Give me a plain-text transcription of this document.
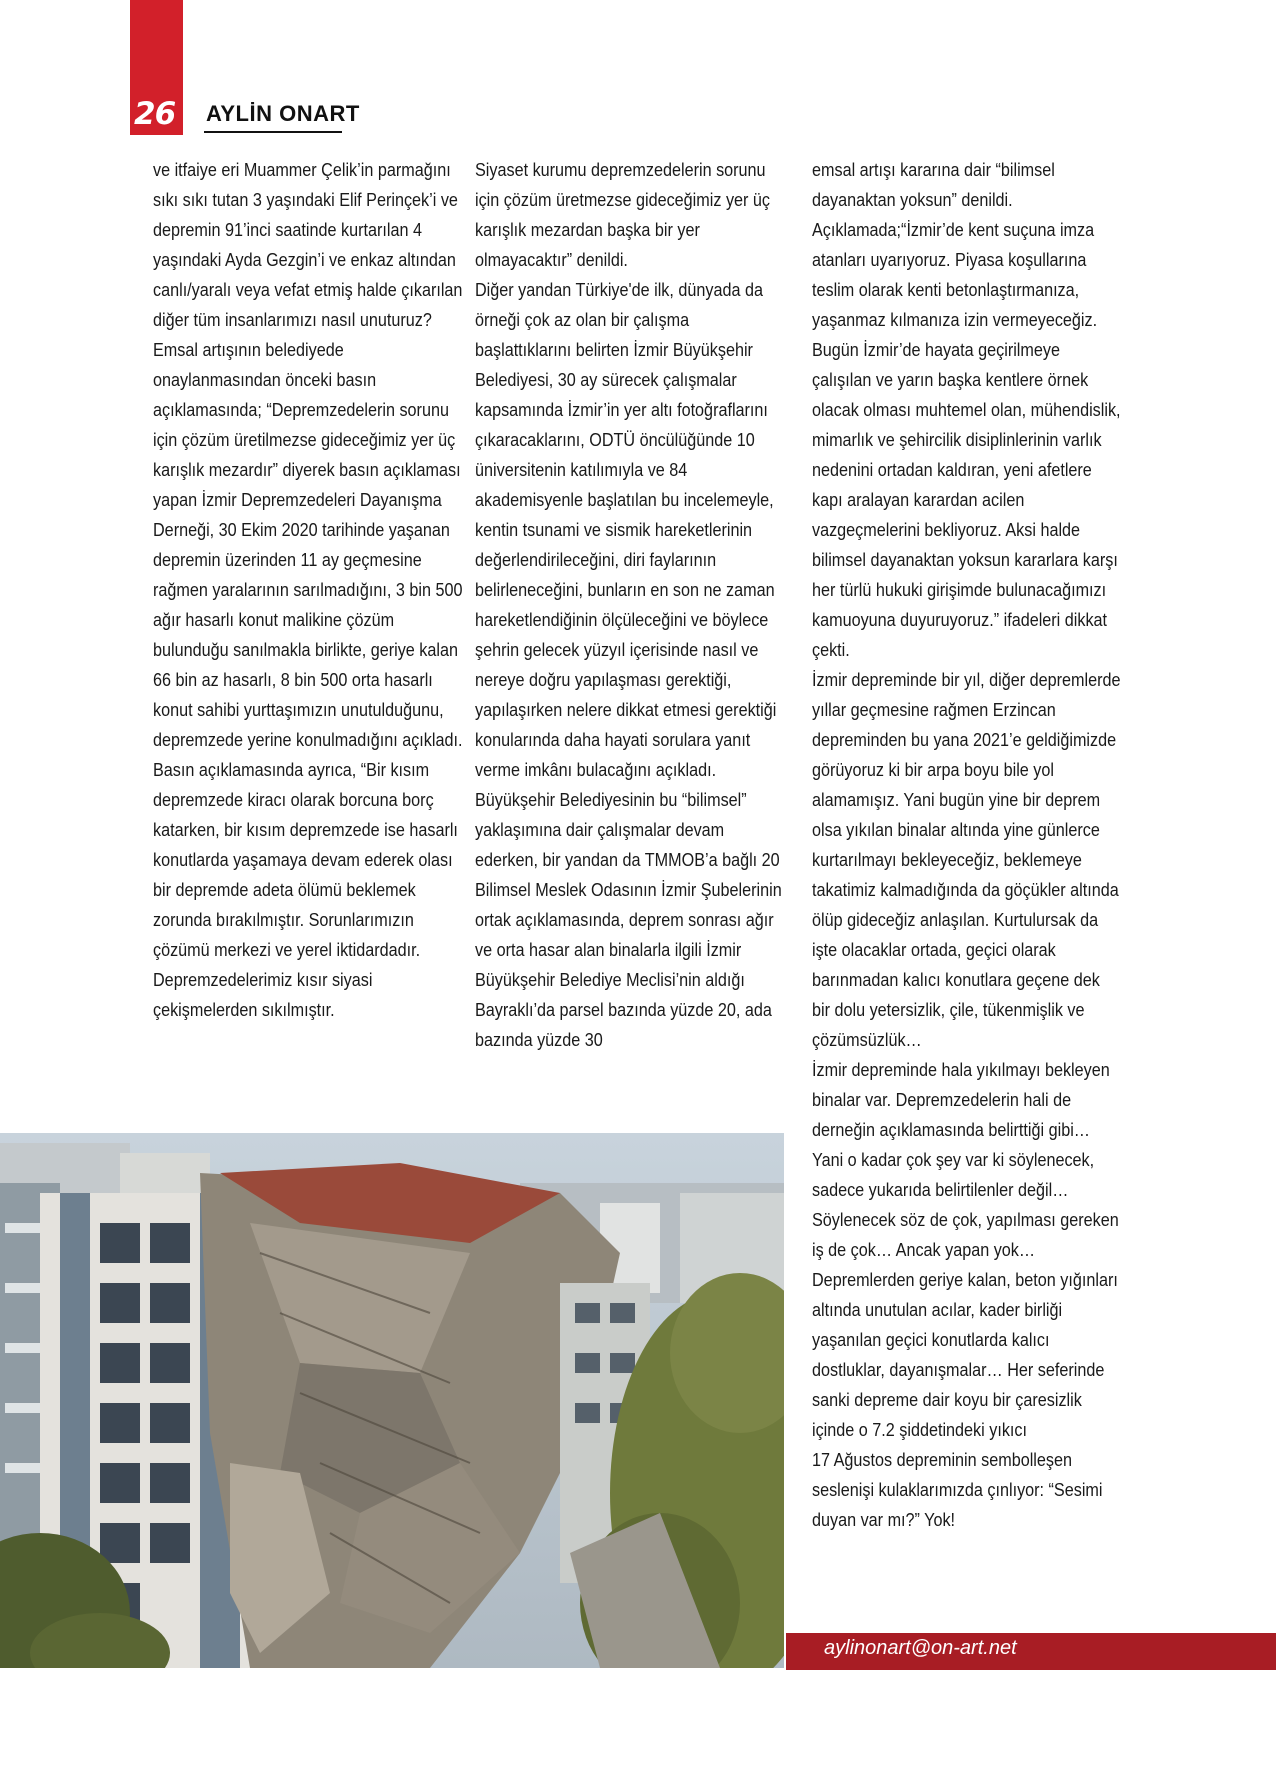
26 AYLİN ONART

ve itfaiye eri Muammer Çelik’in parmağını sıkı sıkı tutan 3 yaşındaki Elif Perinçek’i ve depremin 91’inci saatinde kurtarılan 4 yaşındaki Ayda Gezgin’i ve enkaz altından canlı/yaralı veya vefat etmiş halde çıkarılan diğer tüm insanlarımızı nasıl unuturuz?

Emsal artışının belediyede onaylanmasından önceki basın açıklamasında; “Depremzedelerin sorunu için çözüm üretilmezse gideceğimiz yer üç karışlık mezardır” diyerek basın açıklaması yapan İzmir Depremzedeleri Dayanışma Derneği, 30 Ekim 2020 tarihinde yaşanan depremin üzerinden 11 ay geçmesine rağmen yaralarının sarılmadığını, 3 bin 500 ağır hasarlı konut malikine çözüm bulunduğu sanılmakla birlikte, geriye kalan 66 bin az hasarlı, 8 bin 500 orta hasarlı konut sahibi yurttaşımızın unutulduğunu, depremzede yerine konulmadığını açıkladı. Basın açıklamasında ayrıca, “Bir kısım depremzede kiracı olarak borcuna borç katarken, bir kısım depremzede ise hasarlı konutlarda yaşamaya devam ederek olası bir depremde adeta ölümü beklemek zorunda bırakılmıştır. Sorunlarımızın çözümü merkezi ve yerel iktidardadır. Depremzedelerimiz kısır siyasi çekişmelerden sıkılmıştır.

Siyaset kurumu depremzedelerin sorunu için çözüm üretmezse gideceğimiz yer üç karışlık mezardan başka bir yer olmayacaktır” denildi.

Diğer yandan Türkiye'de ilk, dünyada da örneği çok az olan bir çalışma başlattıklarını belirten İzmir Büyükşehir Belediyesi, 30 ay sürecek çalışmalar kapsamında İzmir’in yer altı fotoğraflarını çıkaracaklarını, ODTÜ öncülüğünde 10 üniversitenin katılımıyla ve 84 akademisyenle başlatılan bu incelemeyle, kentin tsunami ve sismik hareketlerinin değerlendirileceğini, diri faylarının belirleneceğini, bunların en son ne zaman hareketlendiğinin ölçüleceğini ve böylece şehrin gelecek yüzyıl içerisinde nasıl ve nereye doğru yapılaşması gerektiği, yapılaşırken nelere dikkat etmesi gerektiği konularında daha hayati sorulara yanıt verme imkânı bulacağını açıkladı.

Büyükşehir Belediyesinin bu “bilimsel” yaklaşımına dair çalışmalar devam ederken, bir yandan da TMMOB’a bağlı 20 Bilimsel Meslek Odasının İzmir Şubelerinin ortak açıklamasında, deprem sonrası ağır ve orta hasar alan binalarla ilgili İzmir Büyükşehir Belediye Meclisi’nin aldığı Bayraklı’da parsel bazında yüzde 20, ada bazında yüzde 30

emsal artışı kararına dair “bilimsel dayanaktan yoksun” denildi.

Açıklamada;“İzmir’de kent suçuna imza atanları uyarıyoruz. Piyasa koşullarına teslim olarak kenti betonlaştırmanıza, yaşanmaz kılmanıza izin vermeyeceğiz. Bugün İzmir’de hayata geçirilmeye çalışılan ve yarın başka kentlere örnek olacak olması muhtemel olan, mühendislik, mimarlık ve şehircilik disiplinlerinin varlık nedenini ortadan kaldıran, yeni afetlere kapı aralayan karardan acilen vazgeçmelerini bekliyoruz. Aksi halde bilimsel dayanaktan yoksun kararlara karşı her türlü hukuki girişimde bulunacağımızı kamuoyuna duyuruyoruz.” ifadeleri dikkat çekti.

İzmir depreminde bir yıl, diğer depremlerde yıllar geçmesine rağmen Erzincan depreminden bu yana 2021’e geldiğimizde görüyoruz ki bir arpa boyu bile yol alamamışız. Yani bugün yine bir deprem olsa yıkılan binalar altında yine günlerce kurtarılmayı bekleyeceğiz, beklemeye takatimiz kalmadığında da göçükler altında ölüp gideceğiz anlaşılan. Kurtulursak da işte olacaklar ortada, geçici olarak barınmadan kalıcı konutlara geçene dek bir dolu yetersizlik, çile, tükenmişlik ve çözümsüzlük…

İzmir depreminde hala yıkılmayı bekleyen binalar var. Depremzedelerin hali de derneğin açıklamasında belirttiği gibi… Yani o kadar çok şey var ki söylenecek, sadece yukarıda belirtilenler değil… Söylenecek söz de çok, yapılması gereken iş de çok… Ancak yapan yok… Depremlerden geriye kalan, beton yığınları altında unutulan acılar, kader birliği yaşanılan geçici konutlarda kalıcı dostluklar, dayanışmalar… Her seferinde sanki depreme dair koyu bir çaresizlik içinde o 7.2 şiddetindeki yıkıcı

17 Ağustos depreminin sembolleşen seslenişi kulaklarımızda çınlıyor: “Sesimi duyan var mı?” Yok!

aylinonart@on-art.net
